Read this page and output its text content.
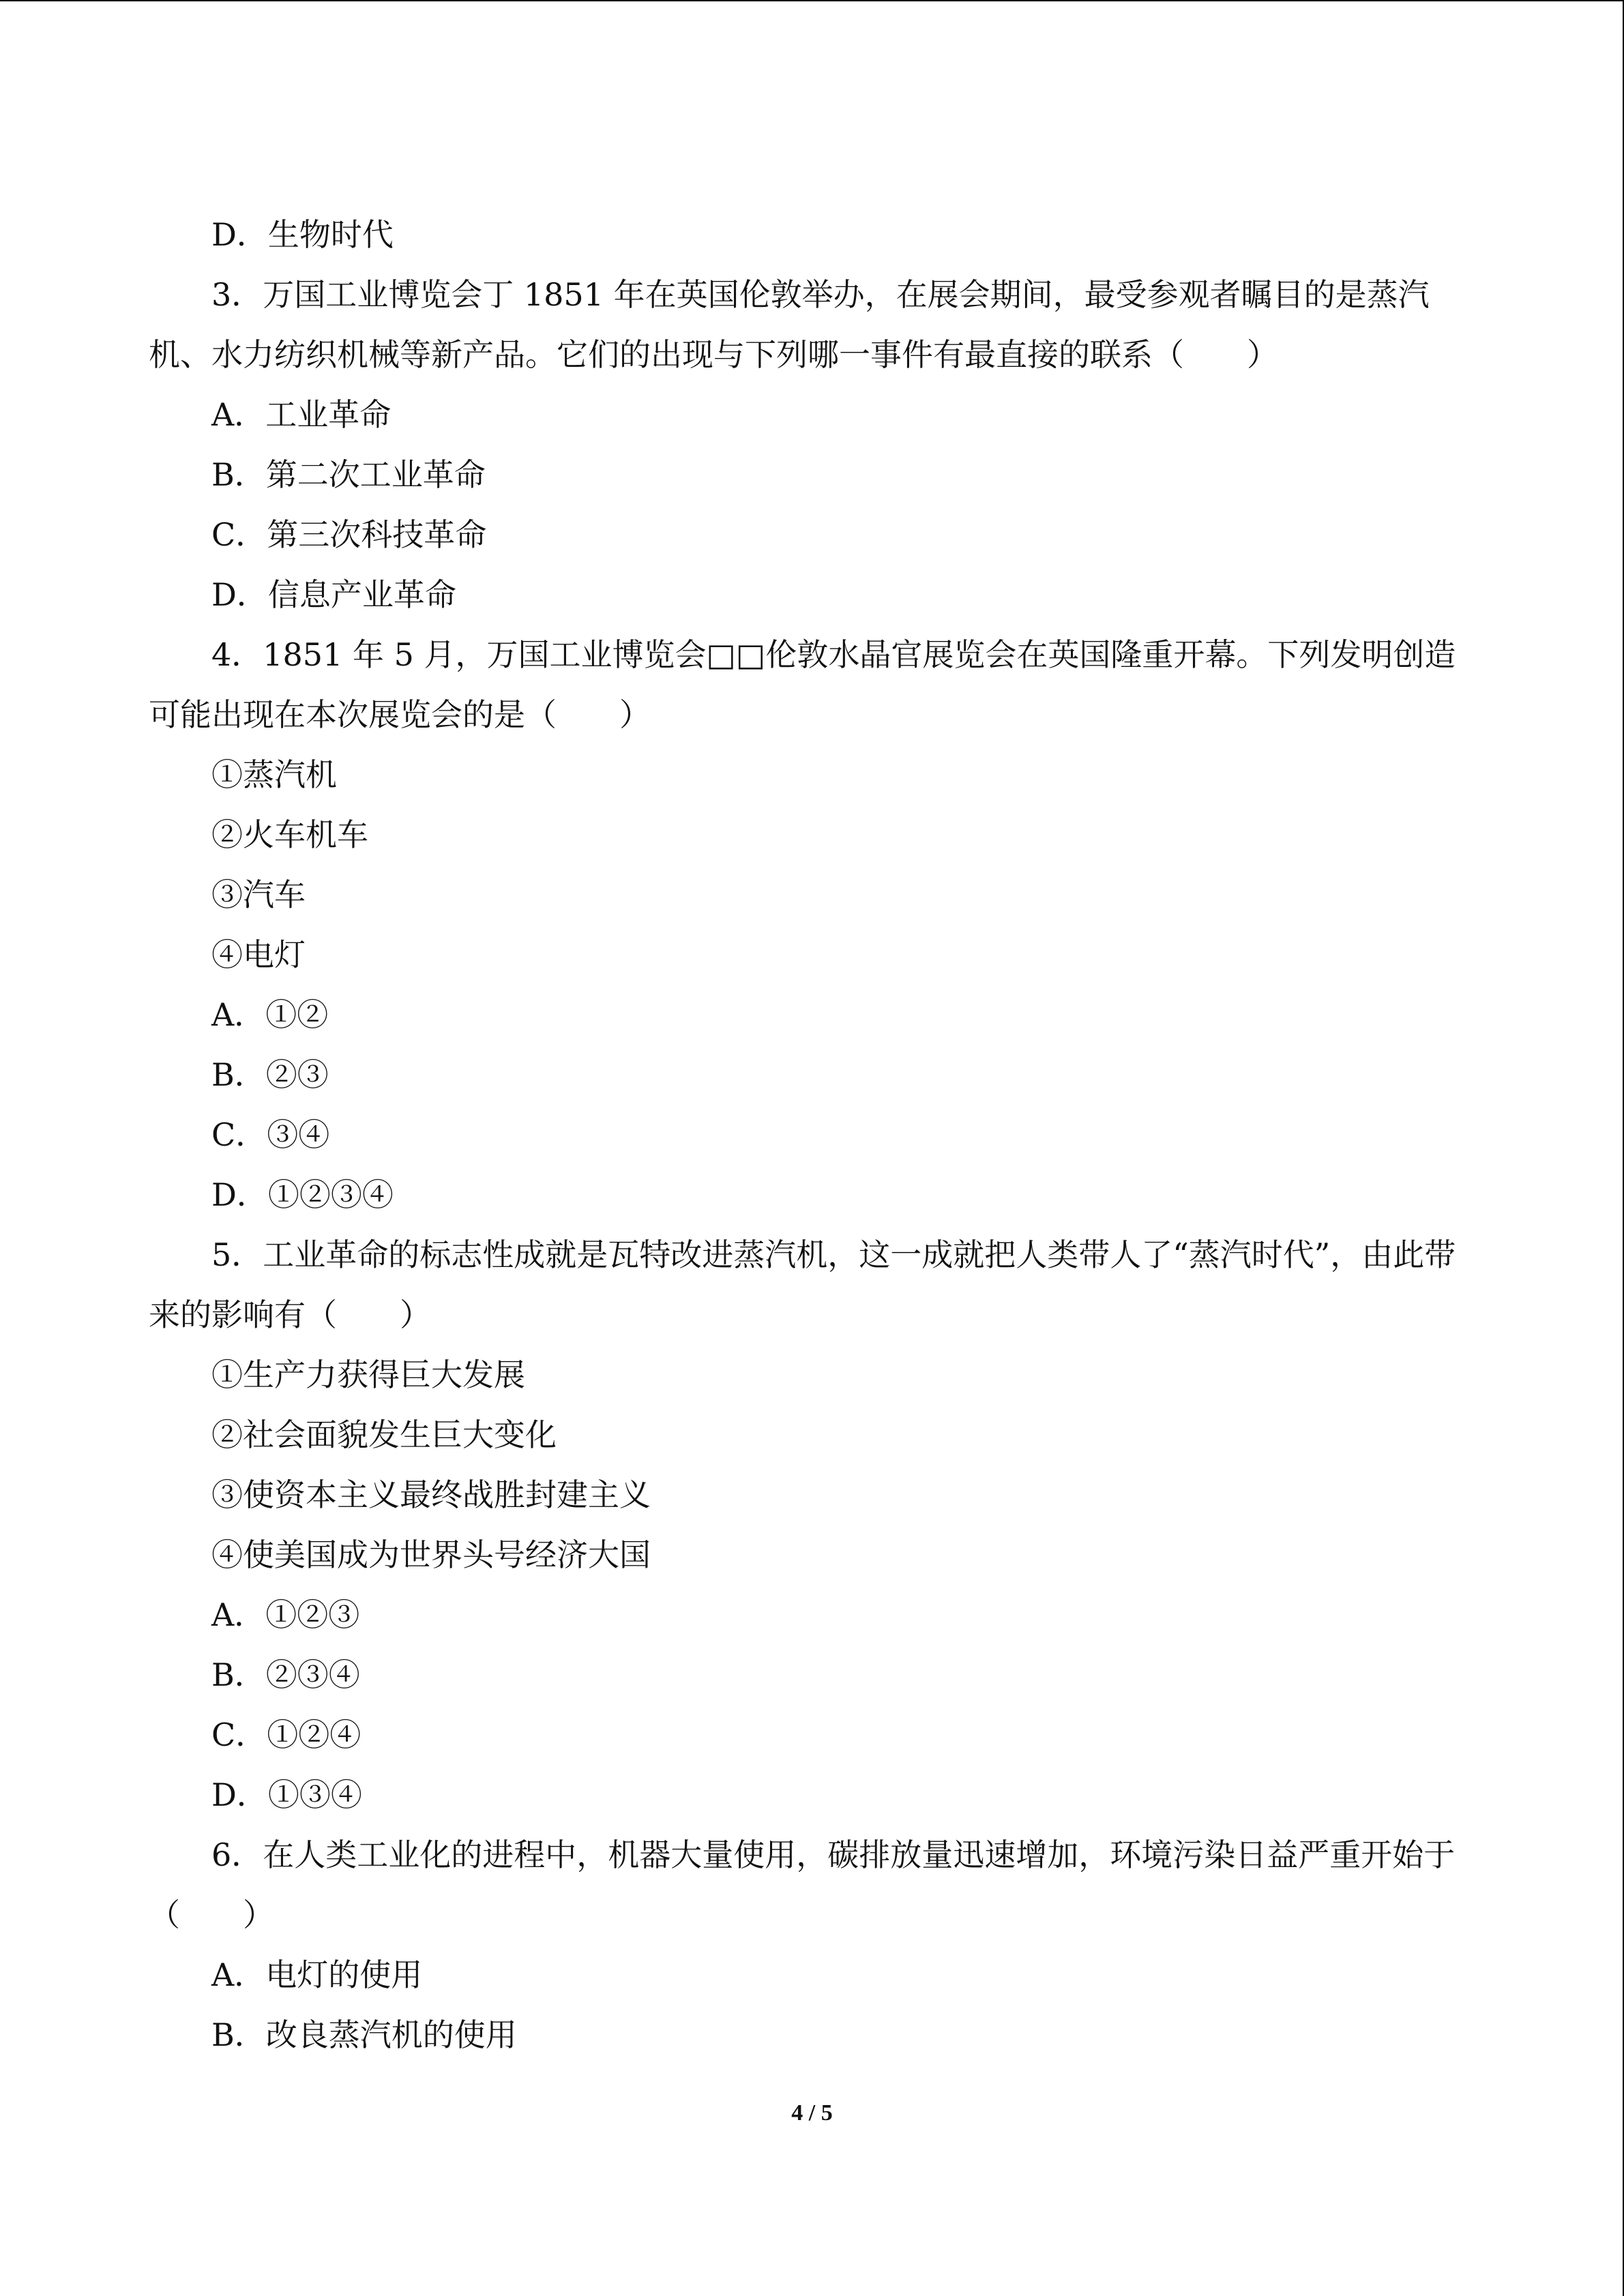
D．生物时代
3．万国工业博览会丁 1851 年在英国伦敦举办，在展会期间，最受参观者瞩目的是蒸汽机、水力纺织机械等新产品。它们的出现与下列哪一事件有最直接的联系（　　）
A．工业革命
B．第二次工业革命
C．第三次科技革命
D．信息产业革命
4．1851 年 5 月，万国工业博览会□□伦敦水晶官展览会在英国隆重开幕。下列发明创造可能出现在本次展览会的是（　　）
①蒸汽机
②火车机车
③汽车
④电灯
A．①②
B．②③
C．③④
D．①②③④
5．工业革命的标志性成就是瓦特改进蒸汽机，这一成就把人类带人了“蒸汽时代”，由此带来的影响有（　　）
①生产力获得巨大发展
②社会面貌发生巨大变化
③使资本主义最终战胜封建主义
④使美国成为世界头号经济大国
A．①②③
B．②③④
C．①②④
D．①③④
6．在人类工业化的进程中，机器大量使用，碳排放量迅速增加，环境污染日益严重开始于（　　）
A．电灯的使用
B．改良蒸汽机的使用
4 / 5
